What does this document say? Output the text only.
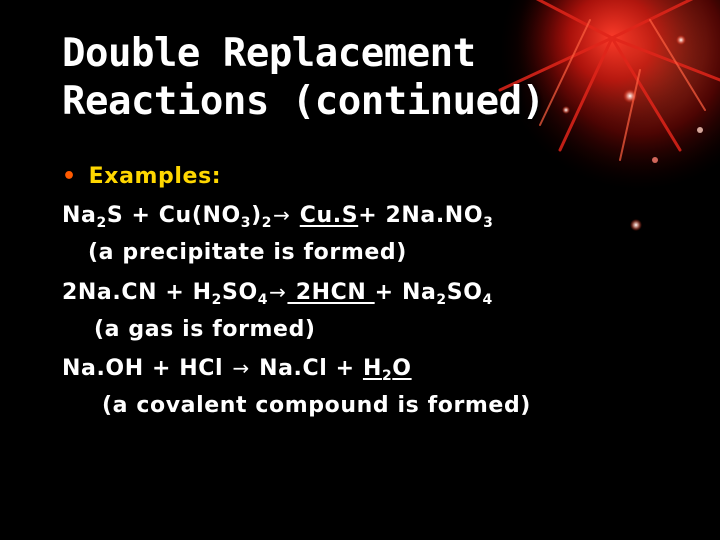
Double Replacement
Reactions (continued)
• Examples:
$Na_2S + Cu(NO_3)_2\to Cu.S+ 2Na.NO_3$
(a precipitate is formed)
$2Na.CN + H_2SO_4\to 2HCN + Na_2SO_4$
(a gas is formed)
Na.OH + HCl → $Na.Cl + H_2O$
(a covalent compound is formed)
